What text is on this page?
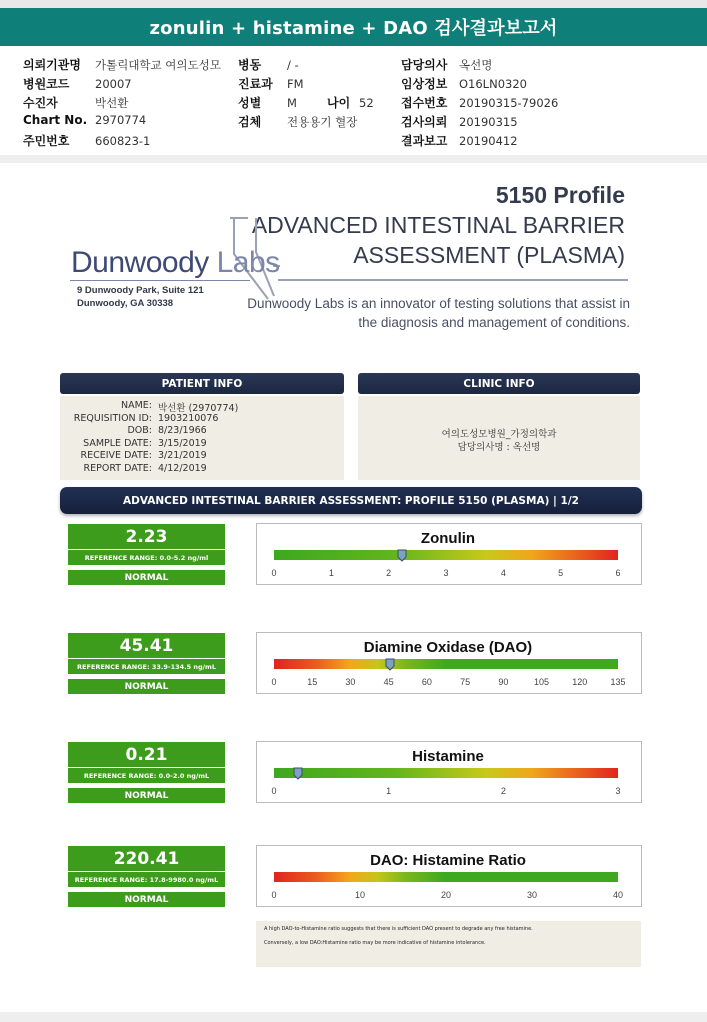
zonulin + histamine + DAO 검사결과보고서
의뢰기관명 가톨릭대학교 여의도성모
병원코드 20007
수진자	박선환
Chart No. 2970774
주민번호 660823-1
병동 / -
진료과 FM
성별 M	나이 52
검체 전용용기 혈장
담당의사 옥선명
임상정보 O16LN0320
접수번호 20190315-79026
검사의뢰 20190315
결과보고 20190412
5150 Profile
ADVANCED INTESTINAL BARRIER
ASSESSMENT (PLASMA)
Dunwoody Labs
9 Dunwoody Park, Suite 121
Dunwoody, GA 30338	Dunwoody Labs is an innovator of testing solutions that assist in
the diagnosis and management of conditions.
PATIENT INFO
NAME: 박선환 (2970774)
REQUISITION ID: 1903210076
DOB: 8/23/1966
SAMPLE DATE: 3/15/2019
RECEIVE DATE: 3/21/2019
REPORT DATE: 4/12/2019
CLINIC INFO
여의도성모병원_가정의학과
담당의사명 : 옥선명
ADVANCED INTESTINAL BARRIER ASSESSMENT: PROFILE 5150 (PLASMA) | 1/2
2.23
REFERENCE RANGE: 0.0-5.2 ng/ml
NORMAL
Zonulin
0	1	2	3	4	5	6
45.41
REFERENCE RANGE: 33.9-134.5 ng/mL
NORMAL
Diamine Oxidase (DAO)
0	15	30	45	60	75	90	105	120	135
0.21
REFERENCE RANGE: 0.0-2.0 ng/mL
NORMAL
Histamine
0	1	2	3
220.41
REFERENCE RANGE: 17.8-9980.0 ng/mL
NORMAL
DAO: Histamine Ratio
0	10	20	30	40
A high DAO-to-Histamine ratio suggests that there is sufficient DAO present to degrade any free histamine.
Conversely, a low DAO:Histamine ratio may be more indicative of histamine intolerance.
